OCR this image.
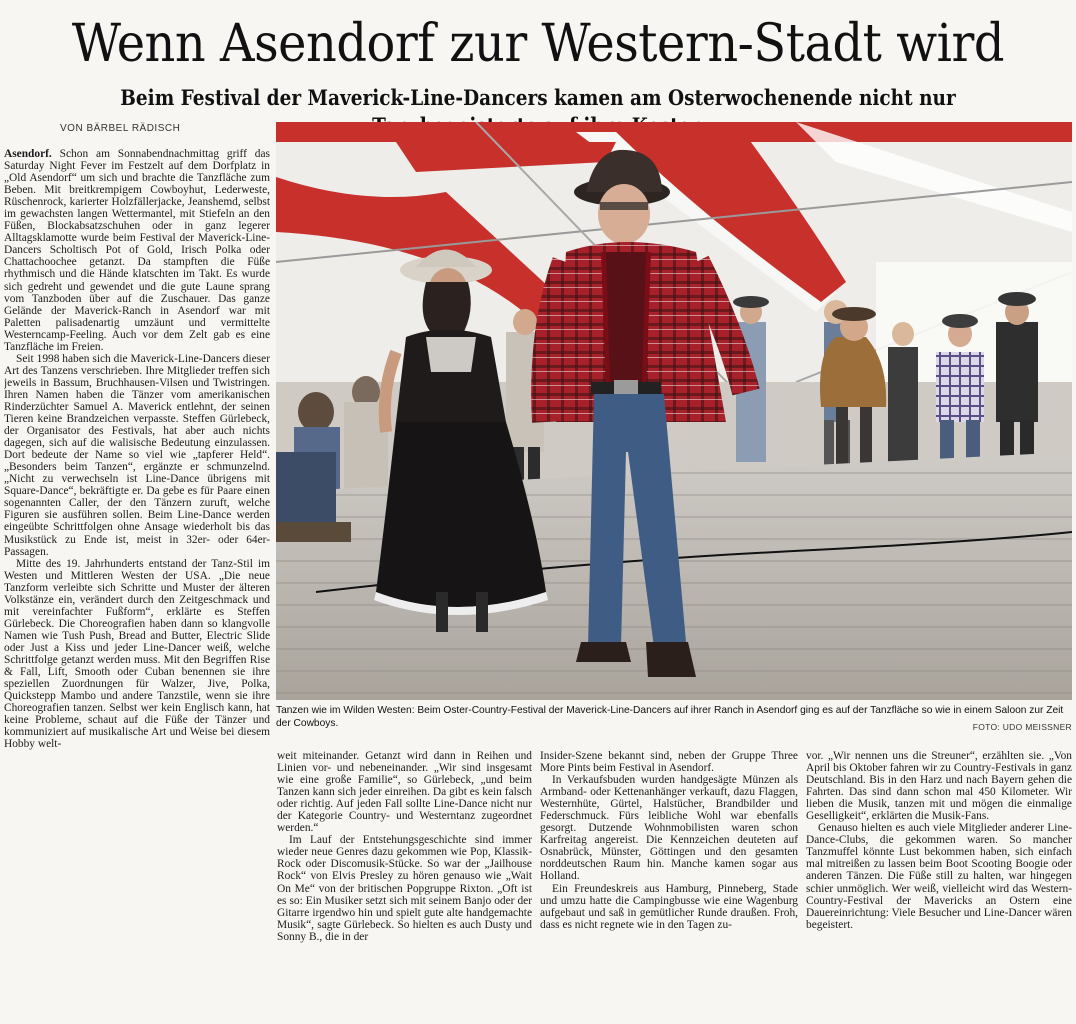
Wenn Asendorf zur Western-Stadt wird
Beim Festival der Maverick-Line-Dancers kamen am Osterwochenende nicht nur
VON BÄRBEL RÄDISCH

Asendorf. Schon am Sonnabendnachmittag griff das Saturday Night Fever im Festzelt auf dem Dorfplatz in „Old Asendorf“ um sich und brachte die Tanzfläche zum Beben. Mit breitkrempigem Cowboyhut, Lederweste, Rüschenrock, karierter Holzfällerjacke, Jeanshemd, selbst im gewachsten langen Wettermantel, mit Stiefeln an den Füßen, Blockabsatzschuhen oder in ganz legerer Alltagsklamotte wurde beim Festival der Maverick-Line-Dancers Scholtisch Pot of Gold, Irisch Polka oder Chattachoochee getanzt. Da stampften die Füße rhythmisch und die Hände klatschten im Takt. Es wurde sich gedreht und gewendet und die gute Laune sprang vom Tanzboden über auf die Zuschauer. Das ganze Gelände der Maverick-Ranch in Asendorf war mit Paletten palisadenartig umzäunt und vermittelte Westerncamp-Feeling. Auch vor dem Zelt gab es eine Tanzfläche im Freien.

Seit 1998 haben sich die Maverick-Line-Dancers dieser Art des Tanzens verschrieben. Ihre Mitglieder treffen sich jeweils in Bassum, Bruchhausen-Vilsen und Twistringen. Ihren Namen haben die Tänzer vom amerikanischen Rinderzüchter Samuel A. Maverick entlehnt, der seinen Tieren keine Brandzeichen verpasste. Steffen Gürlebeck, der Organisator des Festivals, hat aber auch nichts dagegen, sich auf die walisische Bedeutung einzulassen. Dort bedeute der Name so viel wie „tapferer Held“. „Besonders beim Tanzen“, ergänzte er schmunzelnd. „Nicht zu verwechseln ist Line-Dance übrigens mit Square-Dance“, bekräftigte er. Da gebe es für Paare einen sogenannten Caller, der den Tänzern zuruft, welche Figuren sie ausführen sollen. Beim Line-Dance werden eingeübte Schrittfolgen ohne Ansage wiederholt bis das Musikstück zu Ende ist, meist in 32er- oder 64er-Passagen.

Mitte des 19. Jahrhunderts entstand der Tanz-Stil im Westen und Mittleren Westen der USA. „Die neue Tanzform verleibte sich Schritte und Muster der älteren Volkstänze ein, verändert durch den Zeitgeschmack und mit vereinfachter Fußform“, erklärte es Steffen Gürlebeck. Die Choreografien haben dann so klangvolle Namen wie Tush Push, Bread and Butter, Electric Slide oder Just a Kiss und jeder Line-Dancer weiß, welche Schrittfolge getanzt werden muss. Mit den Begriffen Rise & Fall, Lift, Smooth oder Cuban benennen sie ihre speziellen Zuordnungen für Walzer, Jive, Polka, Quickstepp Mambo und andere Tanzstile, wenn sie ihre Choreografien tanzen. Selbst wer kein Englisch kann, hat keine Probleme, schaut auf die Füße der Tänzer und kommuniziert auf musikalische Art und Weise bei diesem Hobby welt-

Tanzen wie im Wilden Westen: Beim Oster-Country-Festival der Maverick-Line-Dancers auf ihrer Ranch in Asendorf ging es auf der Tanzfläche so wie in einem Saloon zur Zeit der Cowboys.	FOTO: UDO MEISSNER

weit miteinander. Getanzt wird dann in Reihen und Linien vor- und nebeneinander. „Wir sind insgesamt wie eine große Familie“, so Gürlebeck, „und beim Tanzen kann sich jeder einreihen. Da gibt es kein falsch oder richtig. Auf jeden Fall sollte Line-Dance nicht nur der Kategorie Country- und Westerntanz zugeordnet werden.“

Im Lauf der Entstehungsgeschichte sind immer wieder neue Genres dazu gekommen wie Pop, Klassik-Rock oder Discomusik-Stücke. So war der „Jailhouse Rock“ von Elvis Presley zu hören genauso wie „Wait On Me“ von der britischen Popgruppe Rixton. „Oft ist es so: Ein Musiker setzt sich mit seinem Banjo oder der Gitarre irgendwo hin und spielt gute alte handgemachte Musik“, sagte Gürlebeck. So hielten es auch Dusty und Sonny B., die in der

Insider-Szene bekannt sind, neben der Gruppe Three More Pints beim Festival in Asendorf.

In Verkaufsbuden wurden handgesägte Münzen als Armband- oder Kettenanhänger verkauft, dazu Flaggen, Westernhüte, Gürtel, Halstücher, Brandbilder und Federschmuck. Fürs leibliche Wohl war ebenfalls gesorgt. Dutzende Wohnmobilisten waren schon Karfreitag angereist. Die Kennzeichen deuteten auf Osnabrück, Münster, Göttingen und den gesamten norddeutschen Raum hin. Manche kamen sogar aus Holland.

Ein Freundeskreis aus Hamburg, Pinneberg, Stade und umzu hatte die Campingbusse wie eine Wagenburg aufgebaut und saß in gemütlicher Runde draußen. Froh, dass es nicht regnete wie in den Tagen zu-

vor. „Wir nennen uns die Streuner“, erzählten sie. „Von April bis Oktober fahren wir zu Country-Festivals in ganz Deutschland. Bis in den Harz und nach Bayern gehen die Fahrten. Das sind dann schon mal 450 Kilometer. Wir lieben die Musik, tanzen mit und mögen die einmalige Geselligkeit“, erklärten die Musik-Fans.

Genauso hielten es auch viele Mitglieder anderer Line-Dance-Clubs, die gekommen waren. So mancher Tanzmuffel könnte Lust bekommen haben, sich einfach mal mitreißen zu lassen beim Boot Scooting Boogie oder anderen Tänzen. Die Füße still zu halten, war hingegen schier unmöglich. Wer weiß, vielleicht wird das Western-Country-Festival der Mavericks an Ostern eine Dauereinrichtung: Viele Besucher und Line-Dancer wären begeistert.
